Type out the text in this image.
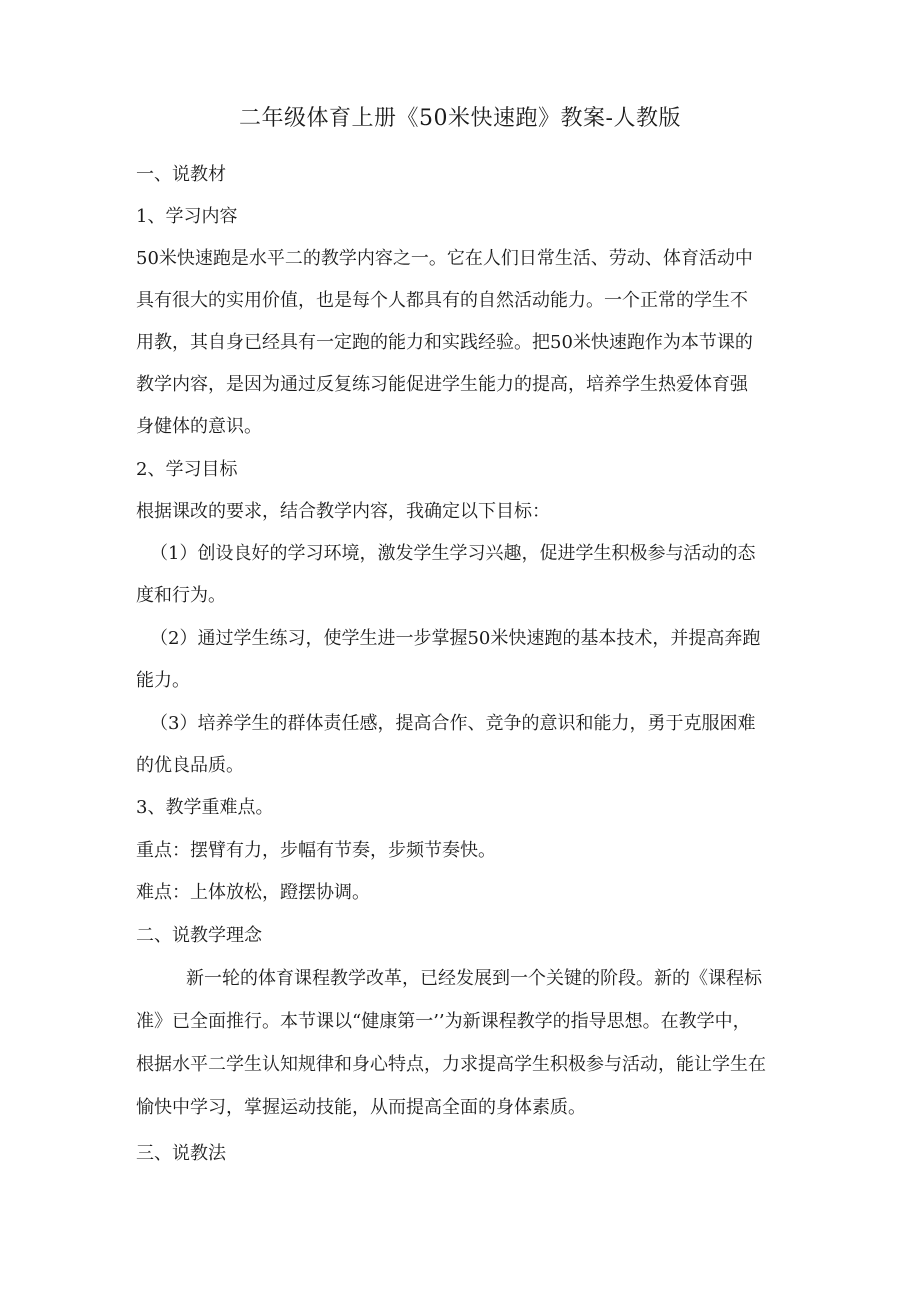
二年级体育上册《50米快速跑》教案-人教版
一、说教材
1、学习内容
50米快速跑是水平二的教学内容之一。它在人们日常生活、劳动、体育活动中
具有很大的实用价值，也是每个人都具有的自然活动能力。一个正常的学生不
用教，其自身已经具有一定跑的能力和实践经验。把50米快速跑作为本节课的
教学内容，是因为通过反复练习能促进学生能力的提高，培养学生热爱体育强
身健体的意识。
2、学习目标
根据课改的要求，结合教学内容，我确定以下目标：
（1）创设良好的学习环境，激发学生学习兴趣，促进学生积极参与活动的态
度和行为。
（2）通过学生练习，使学生进一步掌握50米快速跑的基本技术，并提高奔跑
能力。
（3）培养学生的群体责任感，提高合作、竞争的意识和能力，勇于克服困难
的优良品质。
3、教学重难点。
重点：摆臂有力，步幅有节奏，步频节奏快。
难点：上体放松，蹬摆协调。
二、说教学理念
新一轮的体育课程教学改革，已经发展到一个关键的阶段。新的《课程标
准》已全面推行。本节课以“健康第一’’为新课程教学的指导思想。在教学中，
根据水平二学生认知规律和身心特点，力求提高学生积极参与活动，能让学生在
愉快中学习，掌握运动技能，从而提高全面的身体素质。
三、说教法
